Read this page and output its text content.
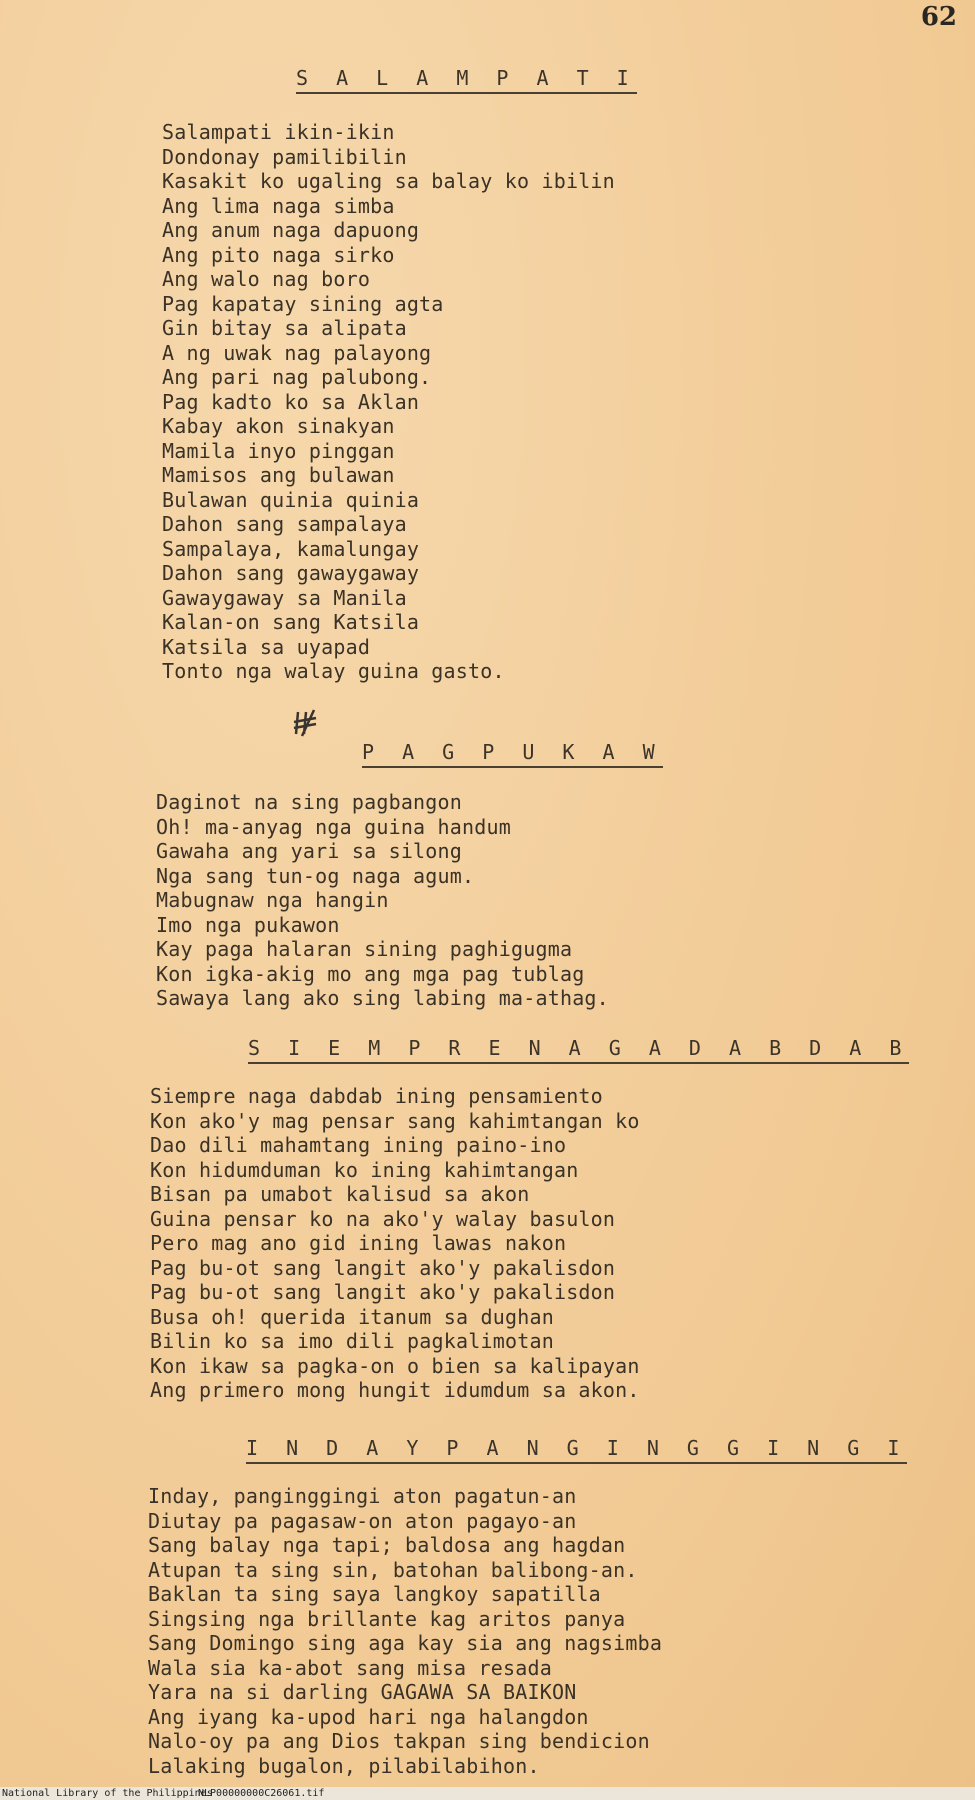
62
S A L A M P A T I
Salampati ikin-ikin
Dondonay pamilibilin
Kasakit ko ugaling sa balay ko ibilin
Ang lima naga simba
Ang anum naga dapuong
Ang pito naga sirko
Ang walo nag boro
Pag kapatay sining agta
Gin bitay sa alipata
A ng uwak nag palayong
Ang pari nag palubong.
Pag kadto ko sa Aklan
Kabay akon sinakyan
Mamila inyo pinggan
Mamisos ang bulawan
Bulawan quinia quinia
Dahon sang sampalaya
Sampalaya, kamalungay
Dahon sang gawaygaway
Gawaygaway sa Manila
Kalan-on sang Katsila
Katsila sa uyapad
Tonto nga walay guina gasto.
P A G P U K A W
Daginot na sing pagbangon
Oh! ma-anyag nga guina handum
Gawaha ang yari sa silong
Nga sang tun-og naga agum.
Mabugnaw nga hangin
Imo nga pukawon
Kay paga halaran sining paghigugma
Kon igka-akig mo ang mga pag tublag
Sawaya lang ako sing labing ma-athag.
S I E M P R E N A G A D A B D A B
Siempre naga dabdab ining pensamiento
Kon ako'y mag pensar sang kahimtangan ko
Dao dili mahamtang ining paino-ino
Kon hidumduman ko ining kahimtangan
Bisan pa umabot kalisud sa akon
Guina pensar ko na ako'y walay basulon
Pero mag ano gid ining lawas nakon
Pag bu-ot sang langit ako'y pakalisdon
Pag bu-ot sang langit ako'y pakalisdon
Busa oh! querida itanum sa dughan
Bilin ko sa imo dili pagkalimotan
Kon ikaw sa pagka-on o bien sa kalipayan
Ang primero mong hungit idumdum sa akon.
I N D A Y P A N G I N G G I N G I
Inday, panginggingi aton pagatun-an
Diutay pa pagasaw-on aton pagayo-an
Sang balay nga tapi; baldosa ang hagdan
Atupan ta sing sin, batohan balibong-an.
Baklan ta sing saya langkoy sapatilla
Singsing nga brillante kag aritos panya
Sang Domingo sing aga kay sia ang nagsimba
Wala sia ka-abot sang misa resada
Yara na si darling GAGAWA SA BAIKON
Ang iyang ka-upod hari nga halangdon
Nalo-oy pa ang Dios takpan sing bendicion
Lalaking bugalon, pilabilabihon.
National Library of the Philippines
NLP00000000C26061.tif
